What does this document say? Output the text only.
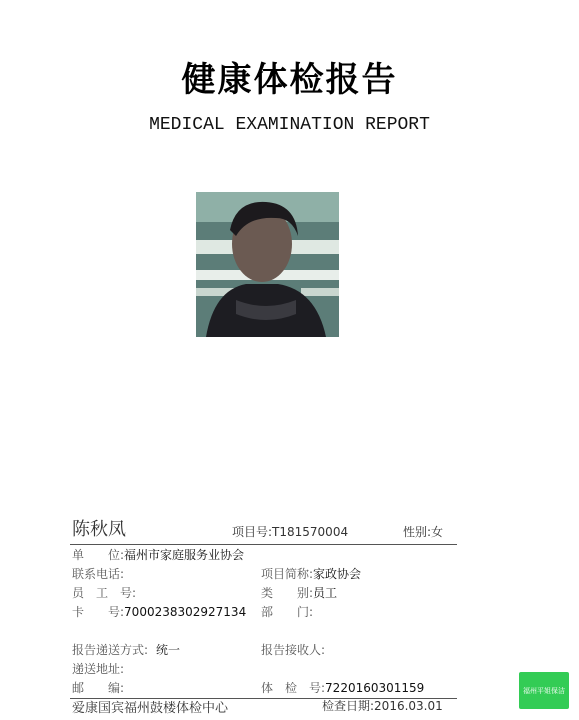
健康体检报告
MEDICAL EXAMINATION REPORT
陈秋凤	项目号:T181570004	性别:女
单　　位:福州市家庭服务业协会
联系电话:	项目简称:家政协会
员　工　号:	类　　别:员工
卡　　号:7000238302927134 部　　门:
报告递送方式: 统一	报告接收人:
递送地址:
邮　　编:	体　检　号:7220160301159
爱康国宾福州鼓楼体检中心	检查日期:2016.03.01
福州平姐保洁
